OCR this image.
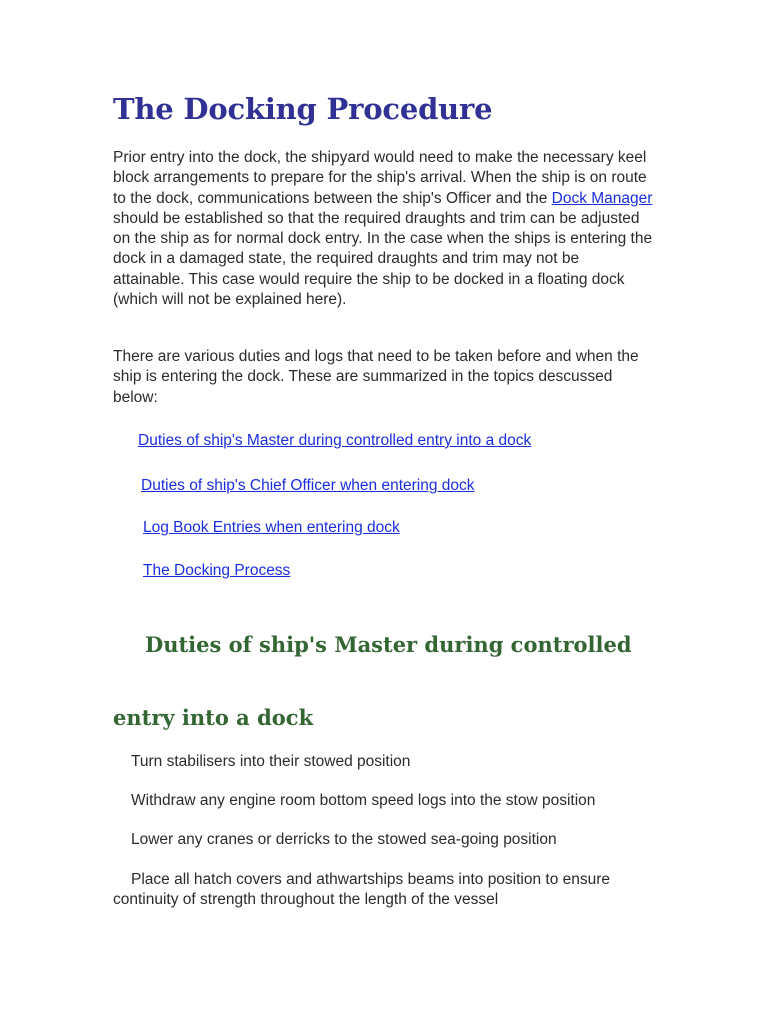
The Docking Procedure

Prior entry into the dock, the shipyard would need to make the necessary keel block arrangements to prepare for the ship's arrival. When the ship is on route to the dock, communications between the ship's Officer and the Dock Manager should be established so that the required draughts and trim can be adjusted on the ship as for normal dock entry. In the case when the ships is entering the dock in a damaged state, the required draughts and trim may not be attainable. This case would require the ship to be docked in a floating dock (which will not be explained here).

There are various duties and logs that need to be taken before and when the ship is entering the dock. These are summarized in the topics descussed below:

Duties of ship's Master during controlled entry into a dock
Duties of ship's Chief Officer when entering dock
Log Book Entries when entering dock
The Docking Process
Duties of ship's Master during controlled
entry into a dock

Turn stabilisers into their stowed position

Withdraw any engine room bottom speed logs into the stow position

Lower any cranes or derricks to the stowed sea-going position

Place all hatch covers and athwartships beams into position to ensure continuity of strength throughout the length of the vessel
